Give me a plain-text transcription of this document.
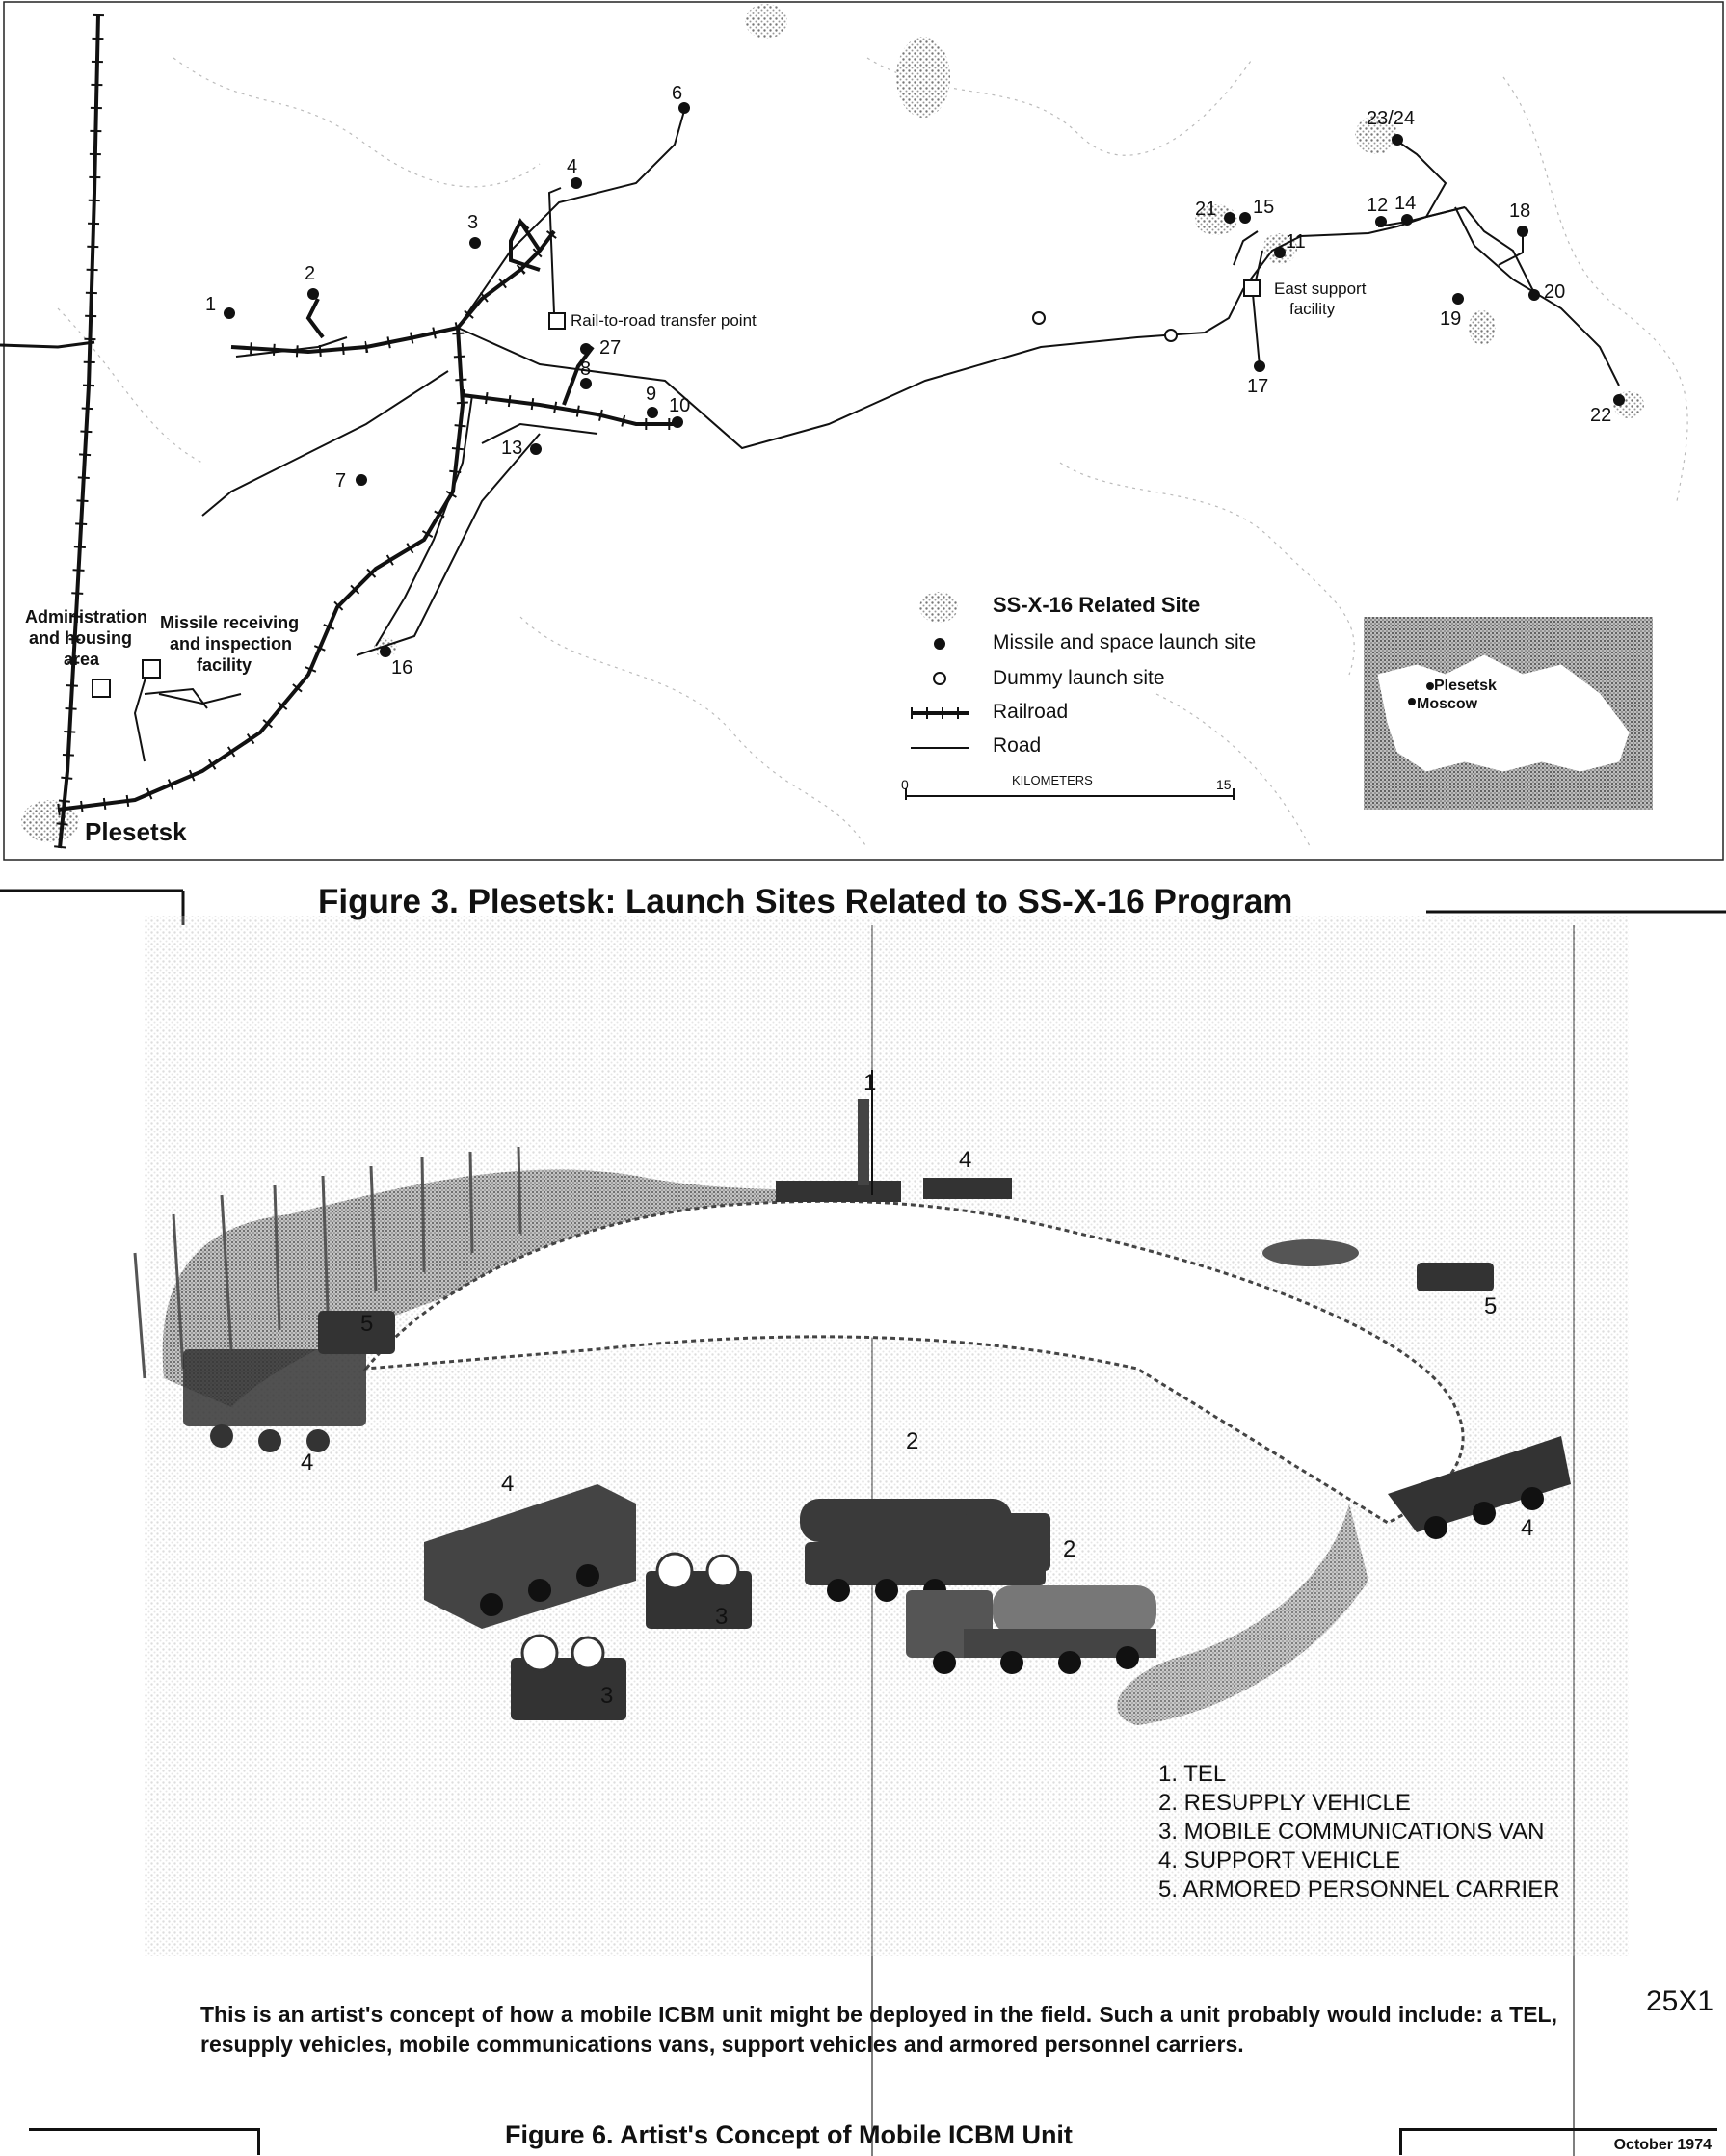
1
2
3
4
6
7
8
9
10
11
12
13
14
15
16
17
18
19
20
21
22
23/24
27
Rail-to-road transfer point
East support
facility
Administration
and housing
area
Missile receiving
and inspection
facility
Plesetsk
SS-X-16 Related Site
Missile and space launch site
Dummy launch site
Railroad
Road
0	KILOMETERS	15
Plesetsk
Moscow
Figure 3. Plesetsk: Launch Sites Related to SS-X-16 Program
1
2
2
3
3
4
4
4
4
5
5
1. TEL
2. RESUPPLY VEHICLE
3. MOBILE COMMUNICATIONS VAN
4. SUPPORT VEHICLE
5. ARMORED PERSONNEL CARRIER
This is an artist's concept of how a mobile ICBM unit might be deployed in the field. Such a unit probably would include: a TEL, resupply vehicles, mobile communications vans, support vehicles and armored personnel carriers.
25X1
Figure 6. Artist's Concept of Mobile ICBM Unit	October 1974
